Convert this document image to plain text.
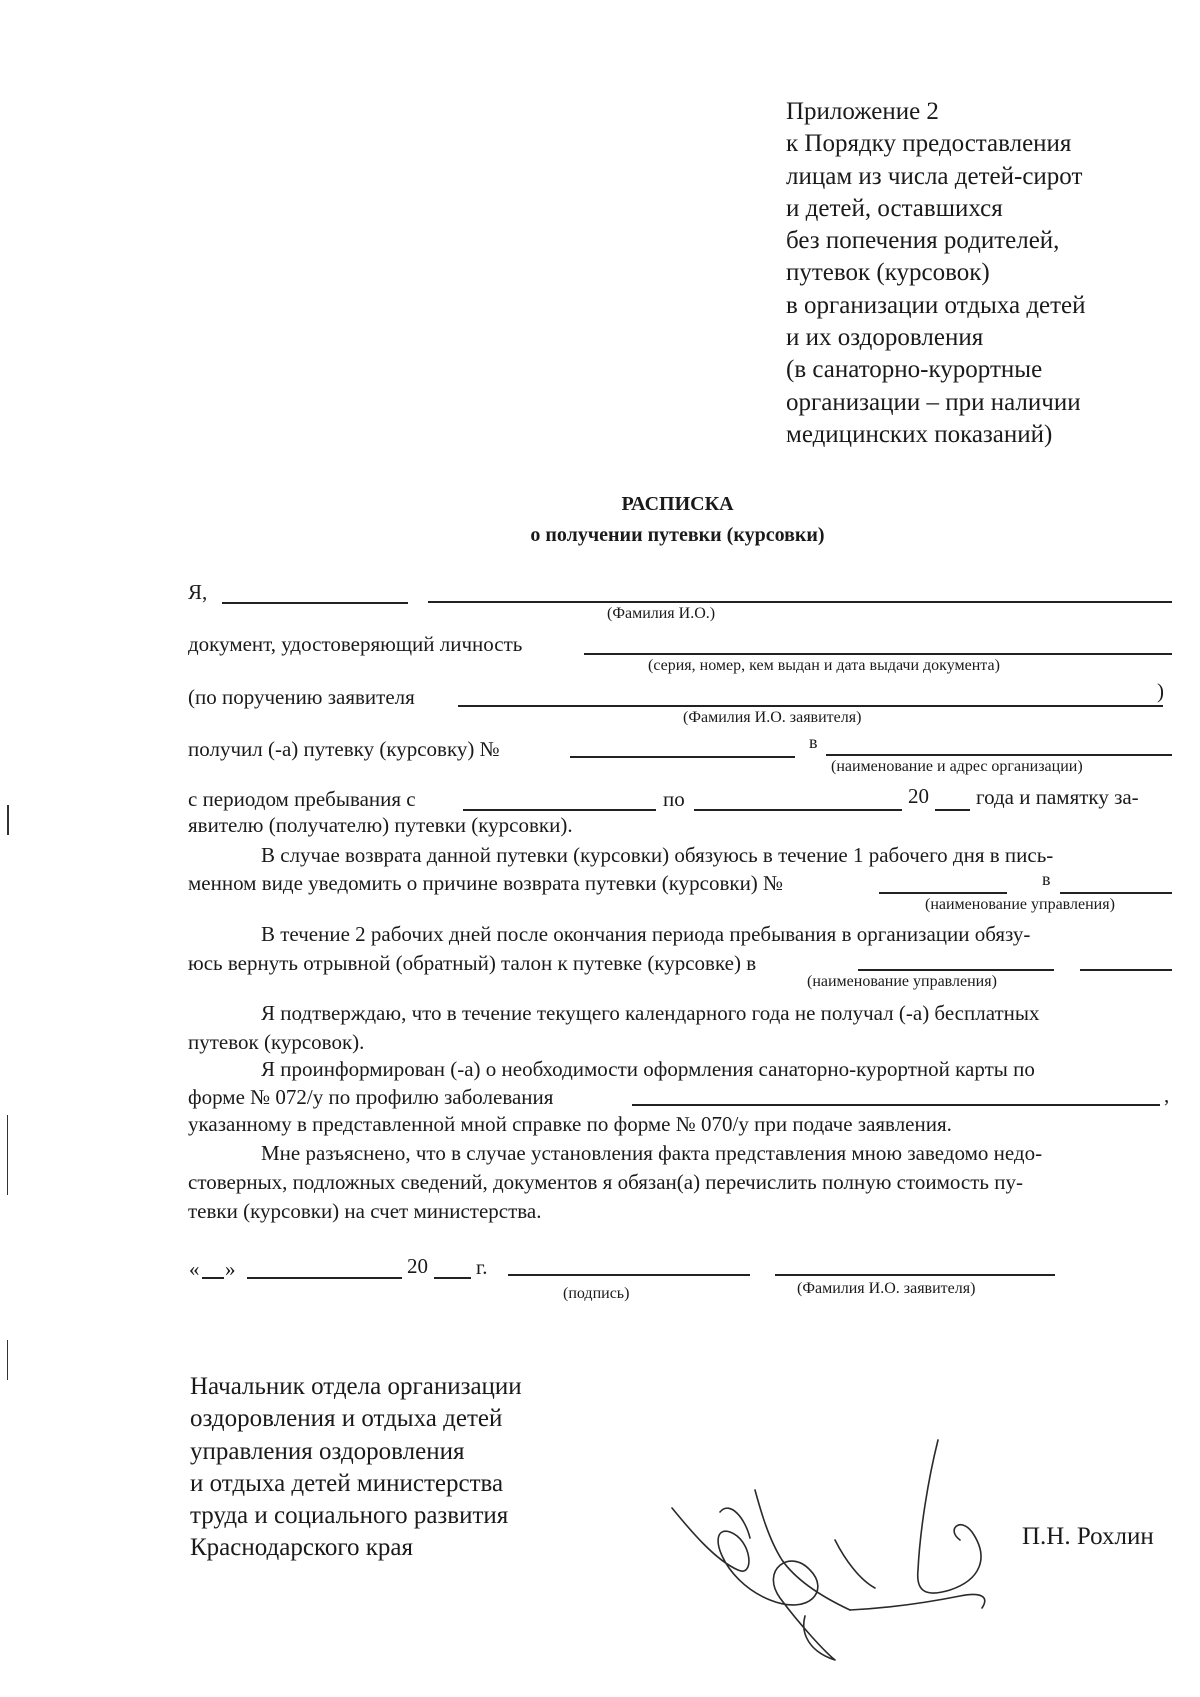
Приложение 2
к Порядку предоставления
лицам из числа детей-сирот
и детей, оставшихся
без попечения родителей,
путевок (курсовок)
в организации отдыха детей
и их оздоровления
(в санаторно-курортные
организации – при наличии
медицинских показаний)
РАСПИСКА
о получении путевки (курсовки)
Я,
(Фамилия И.О.)
документ, удостоверяющий личность
(серия, номер, кем выдан и дата выдачи документа)
(по поручению заявителя	)
(Фамилия И.О. заявителя)
получил (-а) путевку (курсовку) №	в
(наименование и адрес организации)
с периодом пребывания с	по	20 года и памятку за-
явителю (получателю) путевки (курсовки).
В случае возврата данной путевки (курсовки) обязуюсь в течение 1 рабочего дня в пись-
менном виде уведомить о причине возврата путевки (курсовки) №	в
(наименование управления)
В течение 2 рабочих дней после окончания периода пребывания в организации обязу-
юсь вернуть отрывной (обратный) талон к путевке (курсовке) в
(наименование управления)
Я подтверждаю, что в течение текущего календарного года не получал (-а) бесплатных
путевок (курсовок).
Я проинформирован (-а) о необходимости оформления санаторно-курортной карты по
форме № 072/у по профилю заболевания	,
указанному в представленной мной справке по форме № 070/у при подаче заявления.
Мне разъяснено, что в случае установления факта представления мною заведомо недо-
стоверных, подложных сведений, документов я обязан(а) перечислить полную стоимость пу-
тевки (курсовки) на счет министерства.
« »	20 г.
(подпись)	(Фамилия И.О. заявителя)
Начальник отдела организации
оздоровления и отдыха детей
управления оздоровления
и отдыха детей министерства
труда и социального развития
Краснодарского края	П.Н. Рохлин
